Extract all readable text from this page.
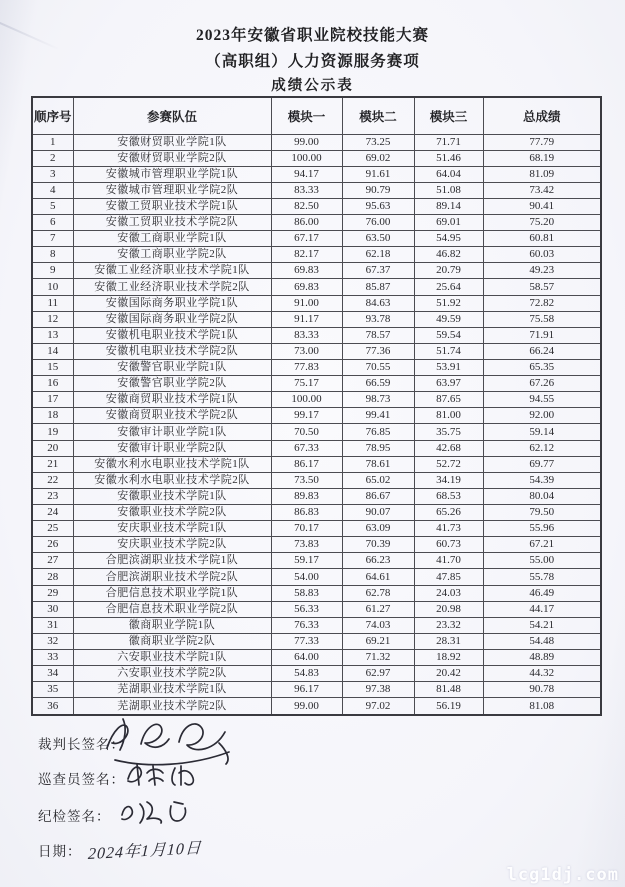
2023年安徽省职业院校技能大赛
（高职组）人力资源服务赛项
成绩公示表
顺序号	参赛队伍	模块一	模块二	模块三	总成绩
1	安徽财贸职业学院1队	99.00	73.25	71.71	77.79
2	安徽财贸职业学院2队	100.00	69.02	51.46	68.19
3	安徽城市管理职业学院1队	94.17	91.61	64.04	81.09
4	安徽城市管理职业学院2队	83.33	90.79	51.08	73.42
5	安徽工贸职业技术学院1队	82.50	95.63	89.14	90.41
6	安徽工贸职业技术学院2队	86.00	76.00	69.01	75.20
7	安徽工商职业学院1队	67.17	63.50	54.95	60.81
8	安徽工商职业学院2队	82.17	62.18	46.82	60.03
9	安徽工业经济职业技术学院1队	69.83	67.37	20.79	49.23
10	安徽工业经济职业技术学院2队	69.83	85.87	25.64	58.57
11	安徽国际商务职业学院1队	91.00	84.63	51.92	72.82
12	安徽国际商务职业学院2队	91.17	93.78	49.59	75.58
13	安徽机电职业技术学院1队	83.33	78.57	59.54	71.91
14	安徽机电职业技术学院2队	73.00	77.36	51.74	66.24
15	安徽警官职业学院1队	77.83	70.55	53.91	65.35
16	安徽警官职业学院2队	75.17	66.59	63.97	67.26
17	安徽商贸职业技术学院1队	100.00	98.73	87.65	94.55
18	安徽商贸职业技术学院2队	99.17	99.41	81.00	92.00
19	安徽审计职业学院1队	70.50	76.85	35.75	59.14
20	安徽审计职业学院2队	67.33	78.95	42.68	62.12
21	安徽水利水电职业技术学院1队	86.17	78.61	52.72	69.77
22	安徽水利水电职业技术学院2队	73.50	65.02	34.19	54.39
23	安徽职业技术学院1队	89.83	86.67	68.53	80.04
24	安徽职业技术学院2队	86.83	90.07	65.26	79.50
25	安庆职业技术学院1队	70.17	63.09	41.73	55.96
26	安庆职业技术学院2队	73.83	70.39	60.73	67.21
27	合肥滨湖职业技术学院1队	59.17	66.23	41.70	55.00
28	合肥滨湖职业技术学院2队	54.00	64.61	47.85	55.78
29	合肥信息技术职业学院1队	58.83	62.78	24.03	46.49
30	合肥信息技术职业学院2队	56.33	61.27	20.98	44.17
31	徽商职业学院1队	76.33	74.03	23.32	54.21
32	徽商职业学院2队	77.33	69.21	28.31	54.48
33	六安职业技术学院1队	64.00	71.32	18.92	48.89
34	六安职业技术学院2队	54.83	62.97	20.42	44.32
35	芜湖职业技术学院1队	96.17	97.38	81.48	90.78
36	芜湖职业技术学院2队	99.00	97.02	56.19	81.08
裁判长签名：
巡查员签名：
纪检签名：
日期： 2024年1月10日
lcg1dj.com
